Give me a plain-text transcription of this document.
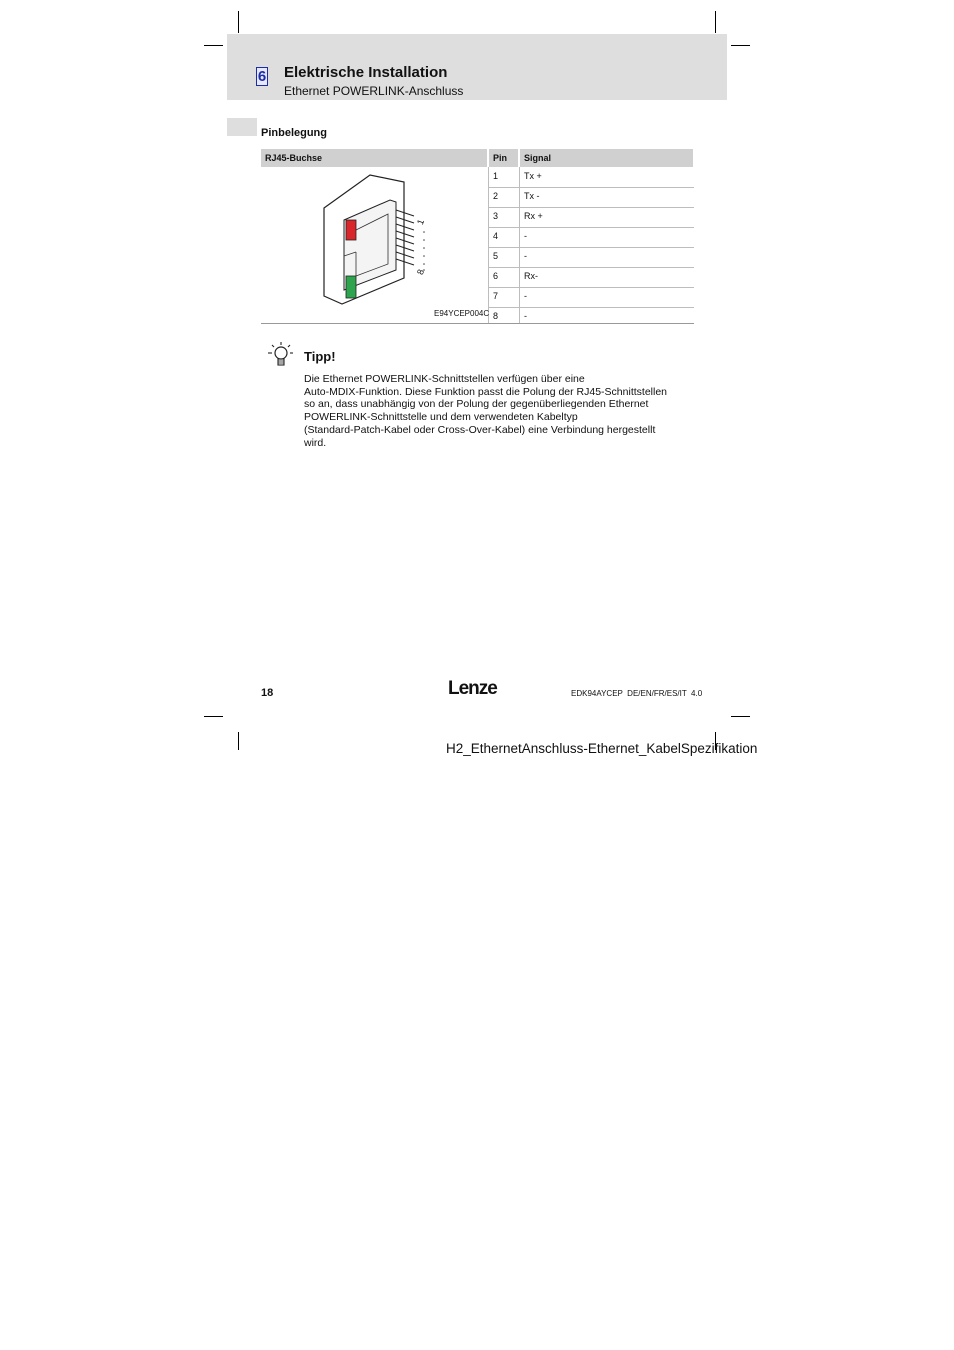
6 Elektrische Installation
Ethernet POWERLINK-Anschluss
Pinbelegung
RJ45-Buchse	Pin	Signal
1	Tx +
2	Tx -
3	Rx +
4	-
5	-
6	Rx-
7	-
8	-
1
8
E94YCEP004C
Tipp!
Die Ethernet POWERLINK-Schnittstellen verfügen über eine
Auto-MDIX-Funktion. Diese Funktion passt die Polung der RJ45-Schnittstellen
so an, dass unabhängig von der Polung der gegenüberliegenden Ethernet
POWERLINK-Schnittstelle und dem verwendeten Kabeltyp
(Standard-Patch-Kabel oder Cross-Over-Kabel) eine Verbindung hergestellt
wird.
18	Lenze	EDK94AYCEP  DE/EN/FR/ES/IT  4.0
H2_EthernetAnschluss-Ethernet_KabelSpezifikation
